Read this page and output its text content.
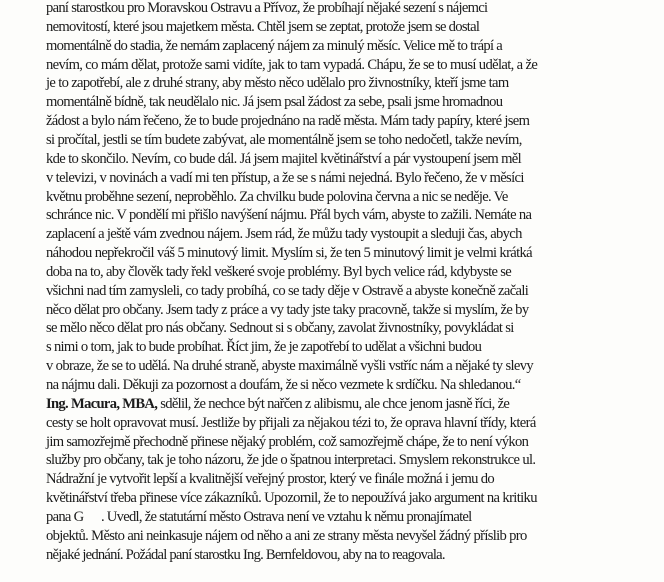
paní starostkou pro Moravskou Ostravu a Přívoz, že probíhají nějaké sezení s nájemci
nemovitostí, které jsou majetkem města. Chtěl jsem se zeptat, protože jsem se dostal
momentálně do stadia, že nemám zaplacený nájem za minulý měsíc. Velice mě to trápí a
nevím, co mám dělat, protože sami vidíte, jak to tam vypadá. Chápu, že se to musí udělat, a že
je to zapotřebí, ale z druhé strany, aby město něco udělalo pro živnostníky, kteří jsme tam
momentálně bídně, tak neudělalo nic. Já jsem psal žádost za sebe, psali jsme hromadnou
žádost a bylo nám řečeno, že to bude projednáno na radě města. Mám tady papíry, které jsem
si pročítal, jestli se tím budete zabývat, ale momentálně jsem se toho nedočetl, takže nevím,
kde to skončilo. Nevím, co bude dál. Já jsem majitel květinářství a pár vystoupení jsem měl
v televizi, v novinách a vadí mi ten přístup, a že se s námi nejedná. Bylo řečeno, že v měsíci
květnu proběhne sezení, neproběhlo. Za chvilku bude polovina června a nic se neděje. Ve
schránce nic. V pondělí mi přišlo navýšení nájmu. Přál bych vám, abyste to zažili. Nemáte na
zaplacení a ještě vám zvednou nájem. Jsem rád, že můžu tady vystoupit a sleduji čas, abych
náhodou nepřekročil váš 5 minutový limit. Myslím si, že ten 5 minutový limit je velmi krátká
doba na to, aby člověk tady řekl veškeré svoje problémy. Byl bych velice rád, kdybyste se
všichni nad tím zamysleli, co tady probíhá, co se tady děje v Ostravě a abyste konečně začali
něco dělat pro občany. Jsem tady z práce a vy tady jste taky pracovně, takže si myslím, že by
se mělo něco dělat pro nás občany. Sednout si s občany, zavolat živnostníky, povykládat si
s nimi o tom, jak to bude probíhat. Říct jim, že je zapotřebí to udělat a všichni budou
v obraze, že se to udělá. Na druhé straně, abyste maximálně vyšli vstříc nám a nějaké ty slevy
na nájmu dali. Děkuji za pozornost a doufám, že si něco vezmete k srdíčku. Na shledanou.“
Ing. Macura, MBA, sdělil, že nechce být nařčen z alibismu, ale chce jenom jasně říci, že
cesty se holt opravovat musí. Jestliže by přijali za nějakou tézi to, že oprava hlavní třídy, která
jim samozřejmě přechodně přinese nějaký problém, což samozřejmě chápe, že to není výkon
služby pro občany, tak je toho názoru, že jde o špatnou interpretaci. Smyslem rekonstrukce ul.
Nádražní je vytvořit lepší a kvalitnější veřejný prostor, který ve finále možná i jemu do
květinářství třeba přinese více zákazníků. Upozornil, že to nepoužívá jako argument na kritiku
pana G      . Uvedl, že statutární město Ostrava není ve vztahu k němu pronajímatel
objektů. Město ani neinkasuje nájem od něho a ani ze strany města nevyšel žádný příslib pro
nějaké jednání. Požádal paní starostku Ing. Bernfeldovou, aby na to reagovala.
